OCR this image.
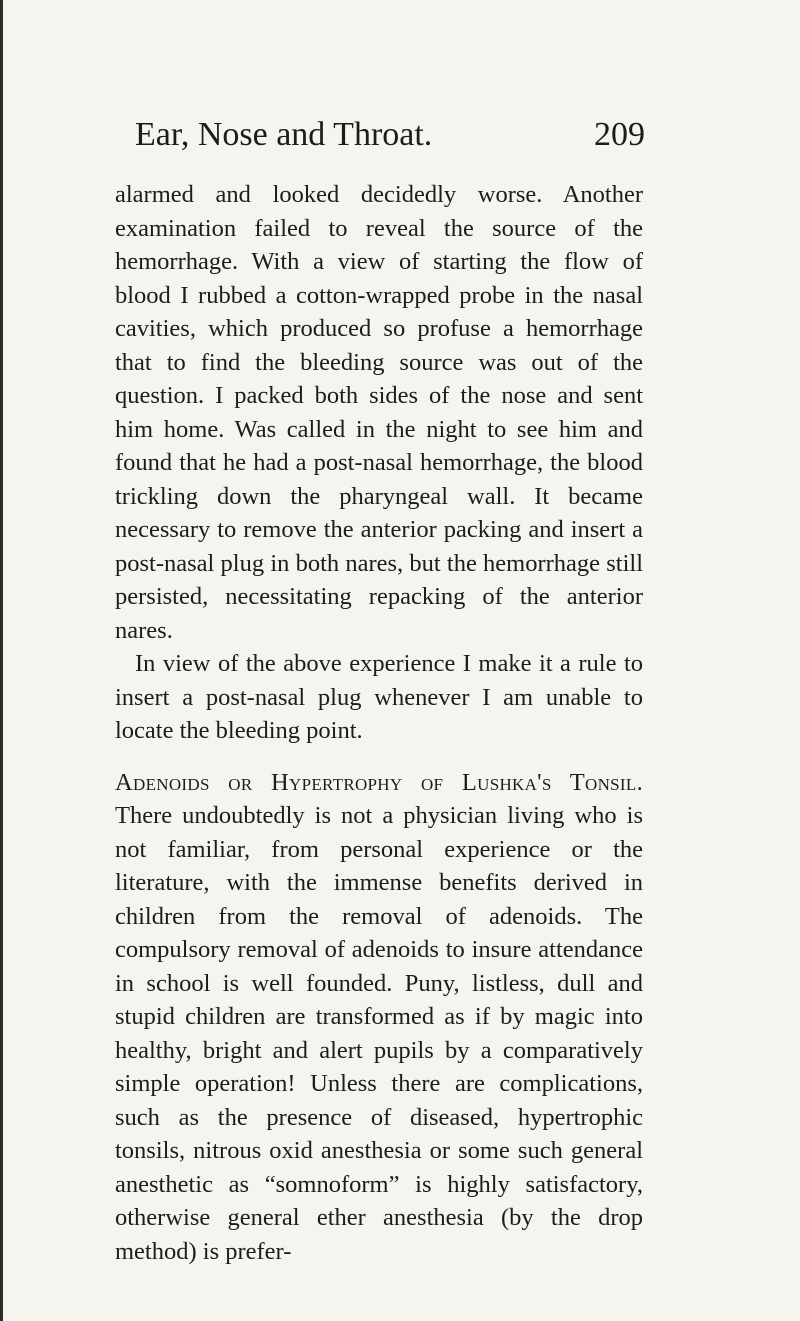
Ear, Nose and Throat.	209

alarmed and looked decidedly worse. Another examination failed to reveal the source of the hemorrhage. With a view of starting the flow of blood I rubbed a cotton-wrapped probe in the nasal cavities, which produced so profuse a hemorrhage that to find the bleeding source was out of the question. I packed both sides of the nose and sent him home. Was called in the night to see him and found that he had a post-nasal hemorrhage, the blood trickling down the pharyngeal wall. It became necessary to remove the anterior packing and insert a post-nasal plug in both nares, but the hemorrhage still persisted, necessitating repacking of the anterior nares.

In view of the above experience I make it a rule to insert a post-nasal plug whenever I am unable to locate the bleeding point.

Adenoids or Hypertrophy of Lushka's Tonsil. There undoubtedly is not a physician living who is not familiar, from personal experience or the literature, with the immense benefits derived in children from the removal of adenoids. The compulsory removal of adenoids to insure attendance in school is well founded. Puny, listless, dull and stupid children are transformed as if by magic into healthy, bright and alert pupils by a comparatively simple operation! Unless there are complications, such as the presence of diseased, hypertrophic tonsils, nitrous oxid anesthesia or some such general anesthetic as “somnoform” is highly satisfactory, otherwise general ether anesthesia (by the drop method) is prefer-
